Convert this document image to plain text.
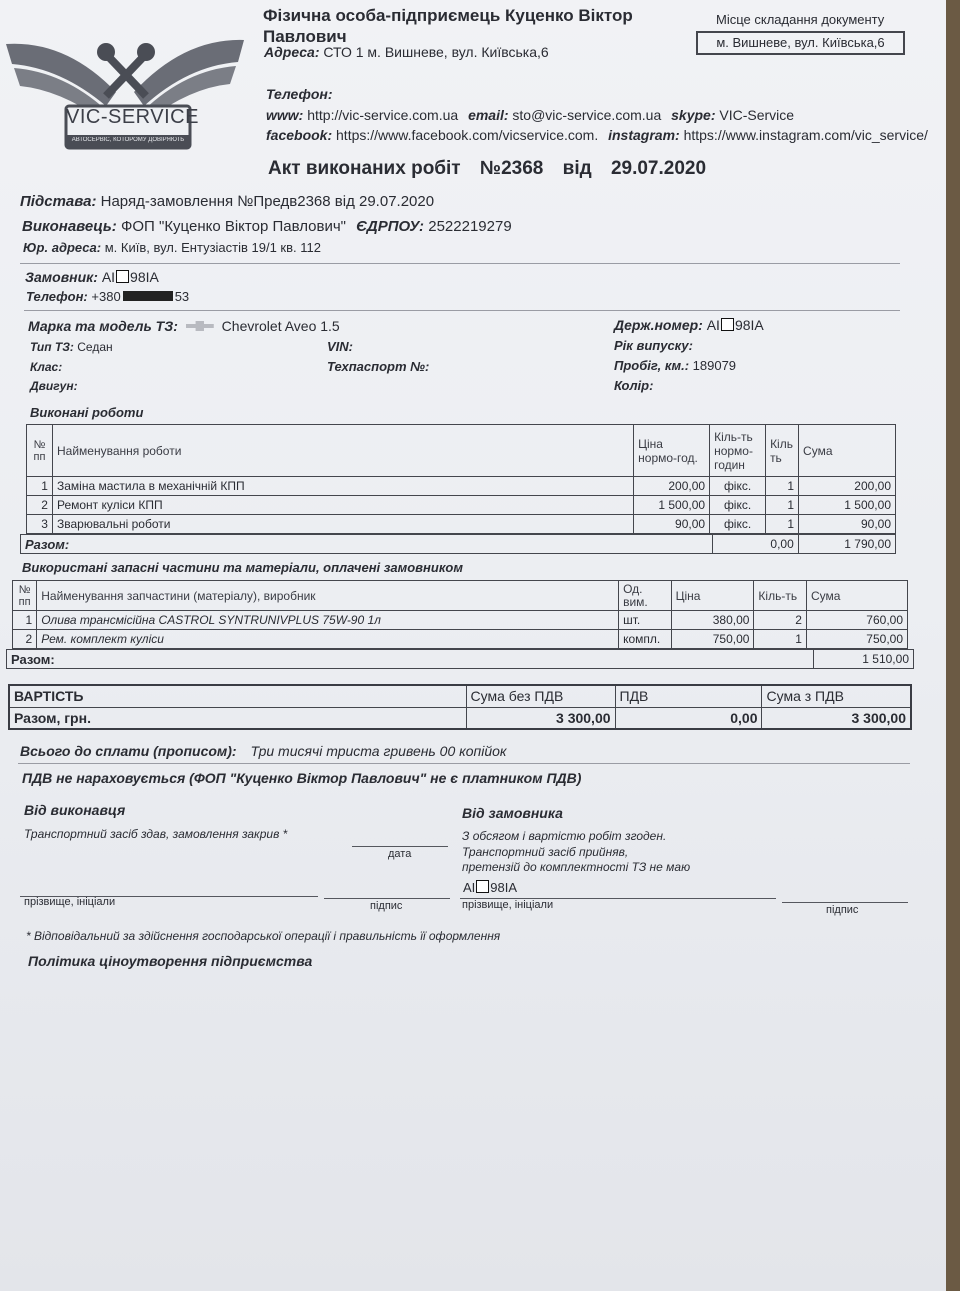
VIC-SERVICE
АВТОСЕРВІС, КОТОРОМУ ДОВІРЯЮТЬ
Фізична особа-підприємець Куценко Віктор Павлович
Адреса: СТО 1 м. Вишневе, вул. Київська,6
Телефон:
www: http://vic-service.com.ua email: sto@vic-service.com.ua skype: VIC-Service
facebook: https://www.facebook.com/vicservice.com. instagram: https://www.instagram.com/vic_service/
Місце складання документу
м. Вишневе, вул. Київська,6
Акт виконаних робіт №2368 від 29.07.2020
Підстава: Наряд-замовлення №Предв2368 від 29.07.2020
Виконавець: ФОП "Куценко Віктор Павлович" ЄДРПОУ: 2522219279
Юр. адреса: м. Київ, вул. Ентузіастів 19/1 кв. 112
Замовник: AI 98IA
Телефон: +380	53
Марка та модель ТЗ:	Chevrolet Aveo 1.5
Тип ТЗ: Седан
Клас:
Двигун:
VIN:
Техпаспорт №:
Держ.номер: AI 98IA
Рік випуску:
Пробіг, км.: 189079
Колір:
Виконані роботи
№ пп	Найменування роботи	Ціна нормо-год.	Кіль-ть нормо-годин	Кіль ть	Сума
1	Заміна мастила в механічній КПП	200,00	фікс.	1	200,00
2	Ремонт куліси КПП	1 500,00	фікс.	1	1 500,00
3	Зварювальні роботи	90,00	фікс.	1	90,00
Разом:	0,00	1 790,00
Використані запасні частини та матеріали, оплачені замовником
№ пп	Найменування запчастини (матеріалу), виробник	Од. вим.	Ціна	Кіль-ть	Сума
1	Олива трансмісійна CASTROL SYNTRUNIVPLUS 75W-90 1л	шт.	380,00	2	760,00
2	Рем. комплект куліси	компл.	750,00	1	750,00
Разом:	1 510,00
ВАРТІСТЬ	Сума без ПДВ	ПДВ	Сума з ПДВ
Разом, грн.	3 300,00	0,00	3 300,00
Всього до сплати (прописом): Три тисячі триста гривень 00 копійок
ПДВ не нараховується (ФОП "Куценко Віктор Павлович" не є платником ПДВ)
Від виконавця
Транспортний засіб здав, замовлення закрив *
дата
прізвище, ініціали	підпис
Від замовника
З обсягом і вартістю робіт згоден.
Транспортний засіб прийняв,
претензій до комплектності ТЗ не маю
AI 98IA
прізвище, ініціали	підпис
* Відповідальний за здійснення господарської операції і правильність її оформлення
Політика ціноутворення підприємства
